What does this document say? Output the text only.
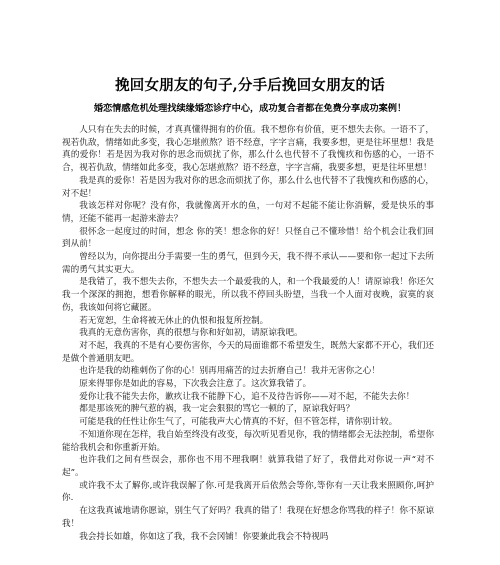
挽回女朋友的句子,分手后挽回女朋友的话
婚恋情感危机处理找续缘婚恋诊疗中心，成功复合者都在免费分享成功案例！

人只有在失去的时候，才真真懂得拥有的价值。我不想你有价值，更不想失去你。一语不了，视若仇敌，情绪如此多变，我心怎堪煎熬？语不经意，字字言痛，我要多想，更是往坏里想！我是真的爱你！若是因为我对你的思念而烦扰了你，那么什么也代替不了我愧疚和伤感的心，一语不合，视若仇敌，情绪如此多变，我心怎堪煎熬？语不经意，字字言痛，我要多想，更是往坏里想！

我是真的爱你！若是因为我对你的思念而烦扰了你，那么什么也代替不了我愧疚和伤感的心，对不起！

我该怎样对你呢？没有你，我就像离开水的鱼，一句对不起能不能让你消解，爱是快乐的事情，还能不能再一起游来游去？

很怀念一起度过的时间，想念 你的笑！想念你的好！只怪自己不懂珍惜！给个机会让我们回到从前！

曾经以为，向你提出分手需要一生的勇气，但到今天，我不得不承认——要和你一起过下去所需的勇气其实更大。

是我错了，我不想失去你，不想失去一个最爱我的人，和一个我最爱的人！请原谅我！你还欠我一个深深的拥抱，想看你解释的眼光，所以我不停回头盼望，当我一个人面对夜晚，寂寞的哀伤，我该如何将它藏匿。

若无宽恕，生命将被无休止的仇恨和报复所控制。

我真的无意伤害你，真的很想与你和好如初，请原谅我吧。

对不起，我真的不是有心要伤害你，今天的局面谁都不希望发生，既然大家都不开心，我们还是做个普通朋友吧。

也许是我的幼稚刺伤了你的心！别再用痛苦的过去折磨自己！我并无害你之心！

原来得罪你是如此的容易，下次我会注意了。这次算我错了。

爱你让我不能失去你，歉疚让我不能静下心，追不及待告诉你——对不起，不能失去你！

都是那该死的脾气惹的祸，我一定会狠狠的骂它一顿的了，原谅我好吗？

可能是我的任性让你生气了，可能我声大心情真的不好，但不管怎样，请你别计较。

不知道你现在怎样，我自始至终没有改变，每次听见看见你，我的情绪都会无法控制，希望你能给我机会和你重新开始。

也许我们之间有些误会，那你也不用不理我啊！就算我错了好了，我借此对你说一声“对不起”。

或许我不太了解你,或许我误解了你.可是我离开后依然会等你,等你有一天让我来照顾你,呵护你.

在这我真诚地请你愿谅，别生气了好吗？我真的错了！我现在好想念你骂我的样子！你不原谅我！

我会持长如雄，你如这了我，我不会冈铺！你要兼此我会不特视吗
